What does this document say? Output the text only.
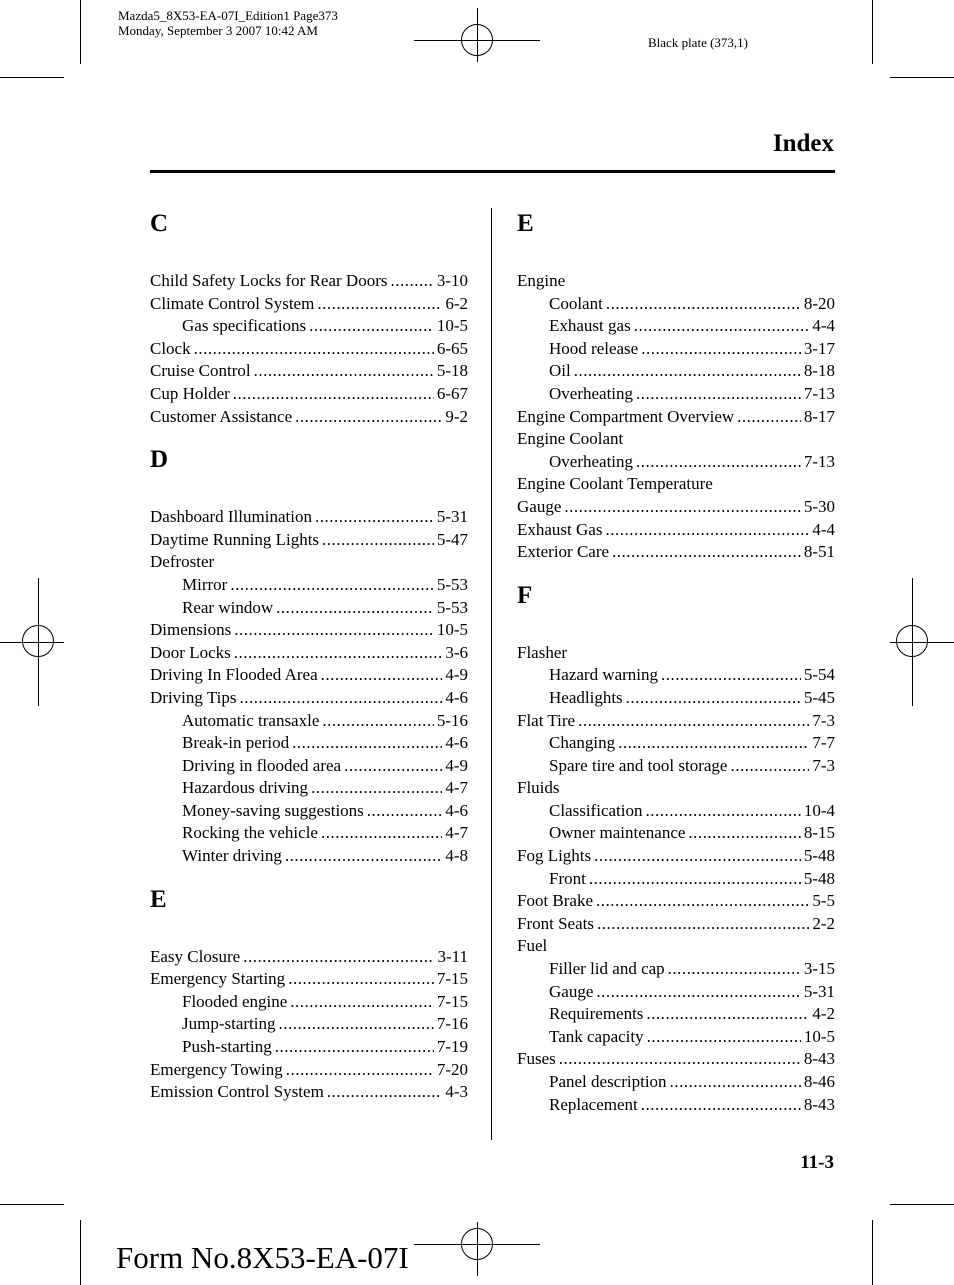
Mazda5_8X53-EA-07I_Edition1 Page373
Monday, September 3 2007 10:42 AM
Black plate (373,1)
Index
C
Child Safety Locks for Rear Doors .....	3-10
Climate Control System .....	6-2
Gas specifications .....	10-5
Clock .....	6-65
Cruise Control .....	5-18
Cup Holder .....	6-67
Customer Assistance .....	9-2
D
Dashboard Illumination .....	5-31
Daytime Running Lights .....	5-47
Defroster
Mirror .....	5-53
Rear window .....	5-53
Dimensions .....	10-5
Door Locks .....	3-6
Driving In Flooded Area .....	4-9
Driving Tips .....	4-6
Automatic transaxle .....	5-16
Break-in period .....	4-6
Driving in flooded area .....	4-9
Hazardous driving .....	4-7
Money-saving suggestions .....	4-6
Rocking the vehicle .....	4-7
Winter driving .....	4-8
E
Easy Closure .....	3-11
Emergency Starting .....	7-15
Flooded engine .....	7-15
Jump-starting .....	7-16
Push-starting .....	7-19
Emergency Towing .....	7-20
Emission Control System .....	4-3
E
Engine
Coolant .....	8-20
Exhaust gas .....	4-4
Hood release .....	3-17
Oil .....	8-18
Overheating .....	7-13
Engine Compartment Overview .....	8-17
Engine Coolant
Overheating .....	7-13
Engine Coolant Temperature
Gauge .....	5-30
Exhaust Gas .....	4-4
Exterior Care .....	8-51
F
Flasher
Hazard warning .....	5-54
Headlights .....	5-45
Flat Tire .....	7-3
Changing .....	7-7
Spare tire and tool storage .....	7-3
Fluids
Classification .....	10-4
Owner maintenance .....	8-15
Fog Lights .....	5-48
Front .....	5-48
Foot Brake .....	5-5
Front Seats .....	2-2
Fuel
Filler lid and cap .....	3-15
Gauge .....	5-31
Requirements .....	4-2
Tank capacity .....	10-5
Fuses .....	8-43
Panel description .....	8-46
Replacement .....	8-43
11-3
Form No.8X53-EA-07I
